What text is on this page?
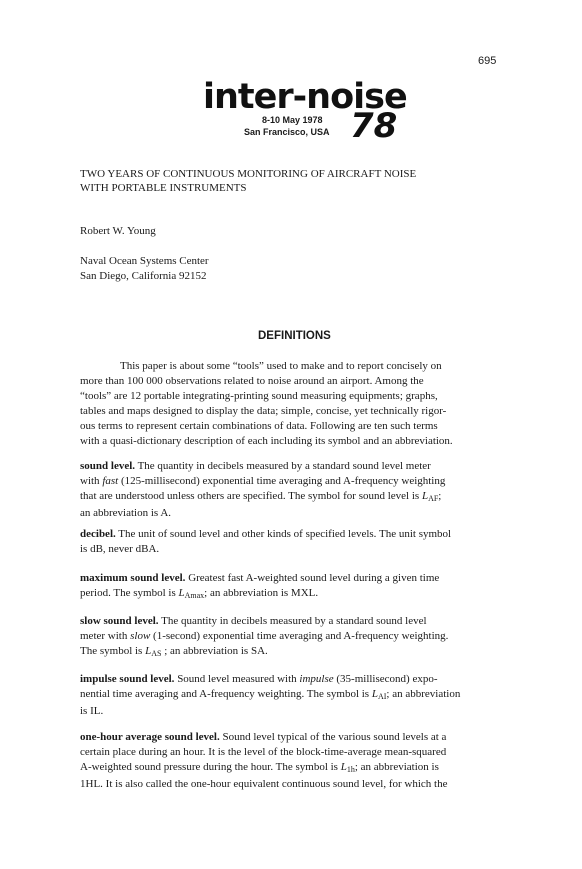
695
inter-noise
8-10 May 1978
San Francisco, USA 78
TWO YEARS OF CONTINUOUS MONITORING OF AIRCRAFT NOISE
WITH PORTABLE INSTRUMENTS
Robert W. Young
Naval Ocean Systems Center
San Diego, California 92152
DEFINITIONS
This paper is about some “tools” used to make and to report concisely on
more than 100 000 observations related to noise around an airport. Among the
“tools” are 12 portable integrating-printing sound measuring equipments; graphs,
tables and maps designed to display the data; simple, concise, yet technically rigor-
ous terms to represent certain combinations of data. Following are ten such terms
with a quasi-dictionary description of each including its symbol and an abbreviation.
sound level. The quantity in decibels measured by a standard sound level meter
with fast (125-millisecond) exponential time averaging and A-frequency weighting
that are understood unless others are specified. The symbol for sound level is $L_{AF}$;
an abbreviation is A.
decibel. The unit of sound level and other kinds of specified levels. The unit symbol
is dB, never dBA.
maximum sound level. Greatest fast A-weighted sound level during a given time
period. The symbol is $L_{Amax}$; an abbreviation is MXL.
slow sound level. The quantity in decibels measured by a standard sound level
meter with slow (1-second) exponential time averaging and A-frequency weighting.
The symbol is $L_{AS}$ ; an abbreviation is SA.
impulse sound level. Sound level measured with impulse (35-millisecond) expo-
nential time averaging and A-frequency weighting. The symbol is $L_{AI}$; an abbreviation
is IL.
one-hour average sound level. Sound level typical of the various sound levels at a
certain place during an hour. It is the level of the block-time-average mean-squared
A-weighted sound pressure during the hour. The symbol is $L_{1h}$; an abbreviation is
1HL. It is also called the one-hour equivalent continuous sound level, for which the
